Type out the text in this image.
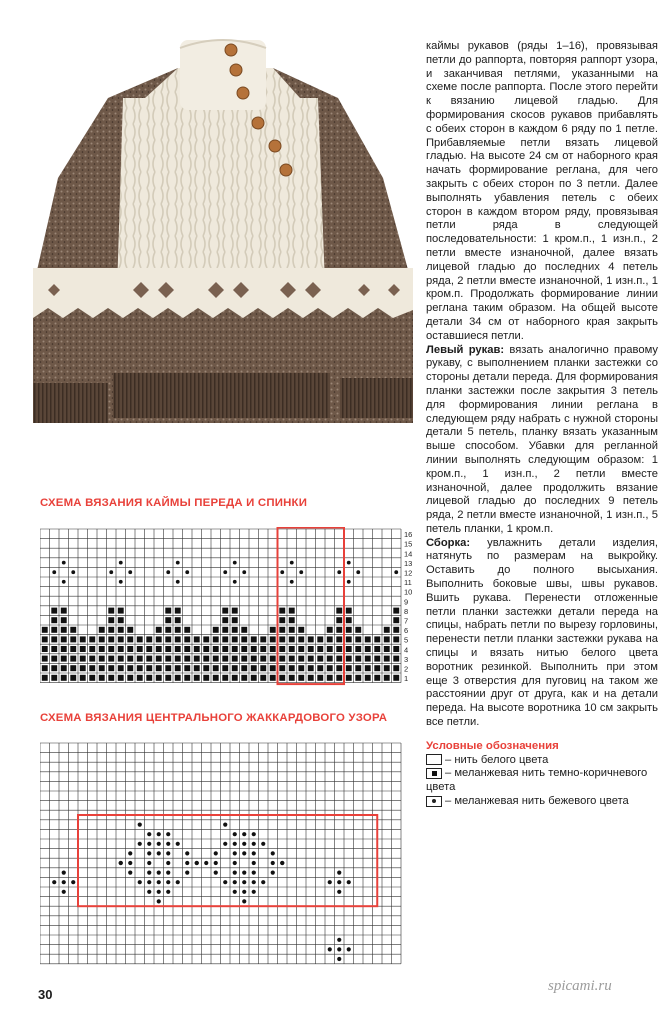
каймы рукавов (ряды 1–16), провязывая петли до раппорта, повторяя раппорт узора, и заканчивая петлями, указанными на схеме после раппорта. После этого перейти к вязанию лицевой гладью. Для формирования скосов рукавов прибавлять с обеих сторон в каждом 6 ряду по 1 петле. Прибавляемые петли вязать лицевой гладью. На высоте 24 см от наборного края начать формирование реглана, для чего закрыть с обеих сторон по 3 петли. Далее выполнять убавления петель с обеих сторон в каждом втором ряду, провязывая петли ряда в следующей последовательности: 1 кром.п., 1 изн.п., 2 петли вместе изнаночной, далее вязать лицевой гладью до последних 4 петель ряда, 2 петли вместе изнаночной, 1 изн.п., 1 кром.п. Продолжать формирование линии реглана таким образом. На общей высоте детали 34 см от наборного края закрыть оставшиеся петли.

Левый рукав: вязать аналогично правому рукаву, с выполнением планки застежки со стороны детали переда. Для формирования планки застежки после закрытия 3 петель для формирования линии реглана в следующем ряду набрать с нужной стороны детали 5 петель, планку вязать указанным выше способом. Убавки для регланной линии выполнять следующим образом: 1 кром.п., 1 изн.п., 2 петли вместе изнаночной, далее продолжить вязание лицевой гладью до последних 9 петель ряда, 2 петли вместе изнаночной, 1 изн.п., 5 петель планки, 1 кром.п.

Сборка: увлажнить детали изделия, натянуть по размерам на выкройку. Оставить до полного высыхания. Выполнить боковые швы, швы рукавов. Вшить рукава. Перенести отложенные петли планки застежки детали переда на спицы, набрать петли по вырезу горловины, перенести петли планки застежки рукава на спицы и вязать нитью белого цвета воротник резинкой. Выполнить при этом еще 3 отверстия для пуговиц на таком же расстоянии друг от друга, как и на детали переда. На высоте воротника 10 см закрыть все петли.

Условные обозначения
– нить белого цвета
– меланжевая нить темно-коричневого цвета
– меланжевая нить бежевого цвета
СХЕМА ВЯЗАНИЯ КАЙМЫ ПЕРЕДА И СПИНКИ
16
15
14
13
12
11
10
9
8
7
6
5
4
3
2
1
СХЕМА ВЯЗАНИЯ ЦЕНТРАЛЬНОГО ЖАККАРДОВОГО УЗОРА
30
spicami.ru
